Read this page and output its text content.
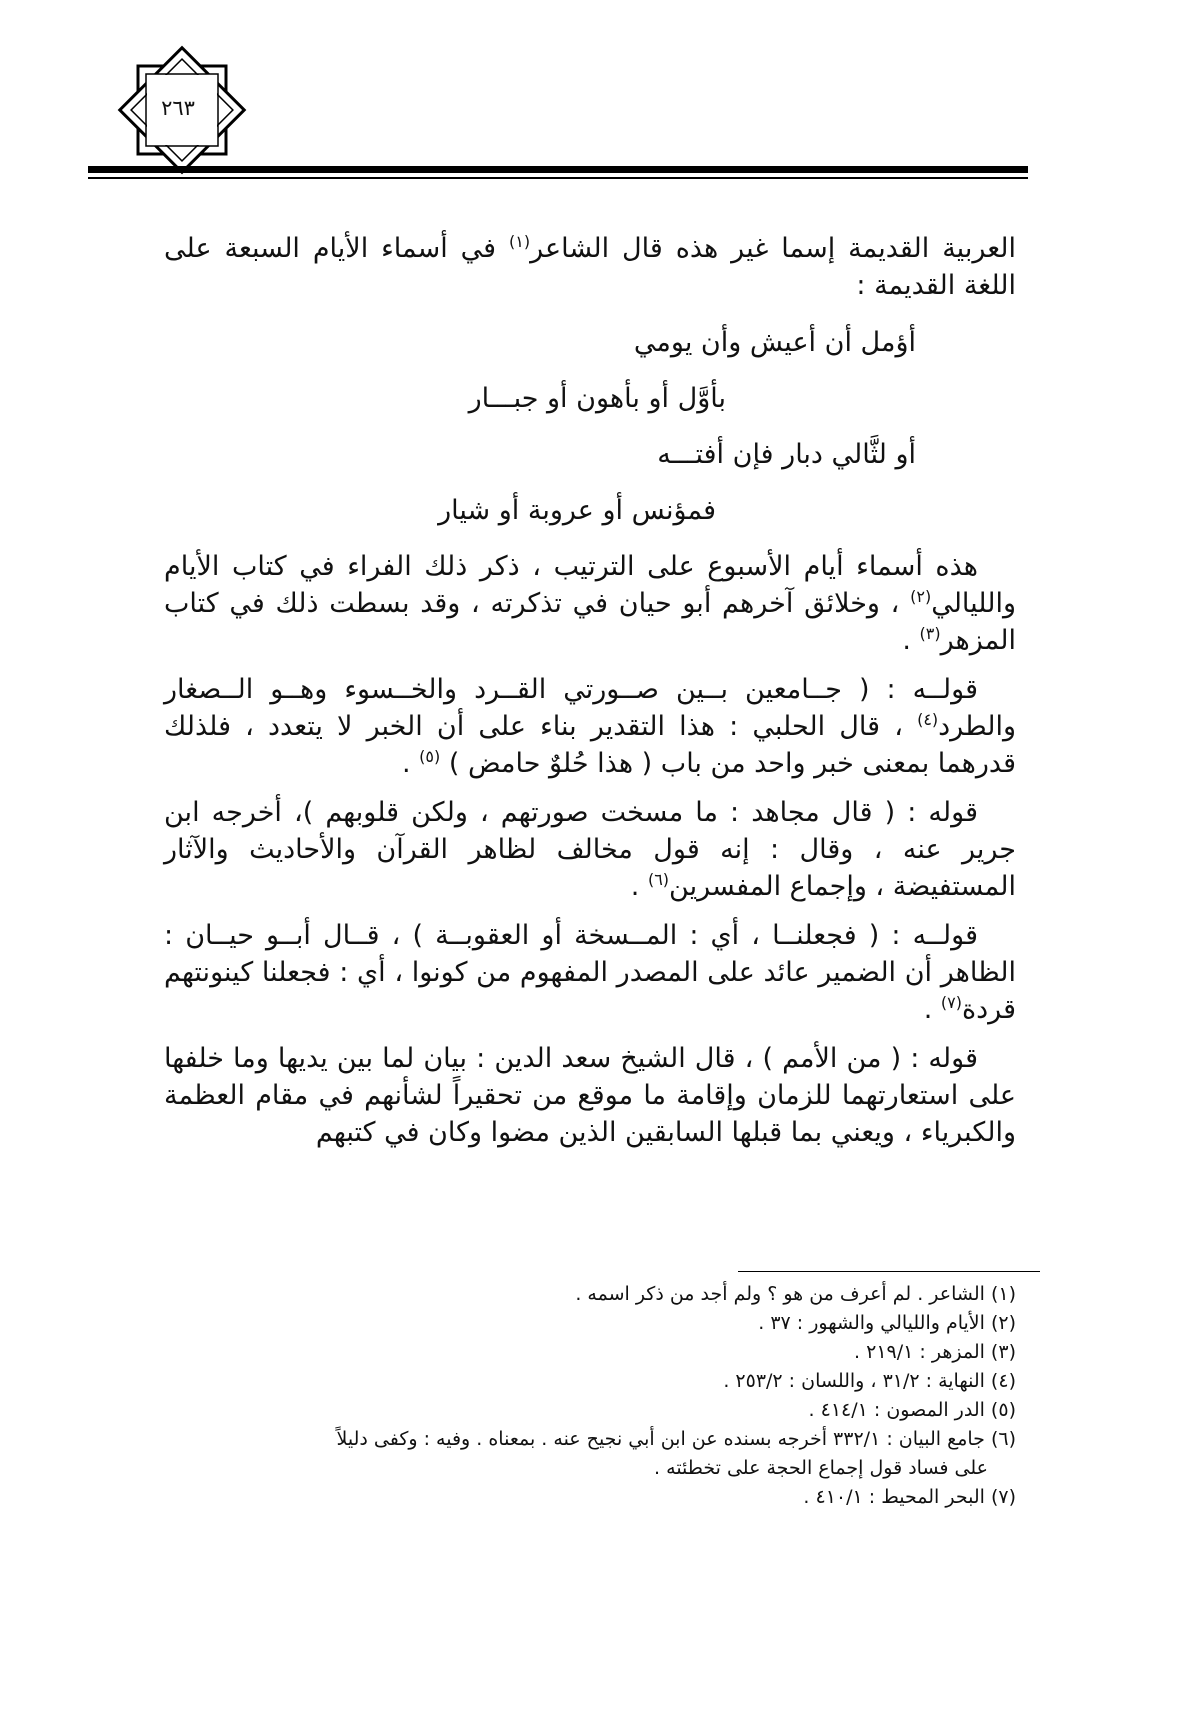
٢٦٣

العربية القديمة إسما غير هذه قال الشاعر$^{(١)}$ في أسماء الأيام السبعة على اللغة القديمة :

أؤمل أن أعيش وأن يومي
بأوَّل أو بأهون أو جبـــار
أو لثَّالي دبار فإن أفتـــه
فمؤنس أو عروبة أو شيار

هذه أسماء أيام الأسبوع على الترتيب ، ذكر ذلك الفراء في كتاب الأيام والليالي$^{(٢)}$ ، وخلائق آخرهم أبو حيان في تذكرته ، وقد بسطت ذلك في كتاب المزهر$^{(٣)}$ .

قولــه : ( جــامعين بــين صــورتي القــرد والخــسوء وهــو الــصغار والطرد$^{(٤)}$ ، قال الحلبي : هذا التقدير بناء على أن الخبر لا يتعدد ، فلذلك قدرهما بمعنى خبر واحد من باب ( هذا حُلوٌ حامض ) $^{(٥)}$ .

قوله : ( قال مجاهد : ما مسخت صورتهم ، ولكن قلوبهم )، أخرجه ابن جرير عنه ، وقال : إنه قول مخالف لظاهر القرآن والأحاديث والآثار المستفيضة ، وإجماع المفسرين$^{(٦)}$ .

قولــه : ( فجعلنــا ، أي : المــسخة أو العقوبــة ) ، قــال أبــو حيــان : الظاهر أن الضمير عائد على المصدر المفهوم من كونوا ، أي : فجعلنا كينونتهم قردة$^{(٧)}$ .

قوله : ( من الأمم ) ، قال الشيخ سعد الدين : بيان لما بين يديها وما خلفها على استعارتهما للزمان وإقامة ما موقع من تحقيراً لشأنهم في مقام العظمة والكبرياء ، ويعني بما قبلها السابقين الذين مضوا وكان في كتبهم

(١) الشاعر . لم أعرف من هو ؟ ولم أجد من ذكر اسمه .
(٢) الأيام والليالي والشهور : ٣٧ .
(٣) المزهر : ٢١٩/١ .
(٤) النهاية : ٣١/٢ ، واللسان : ٢٥٣/٢ .
(٥) الدر المصون : ٤١٤/١ .
(٦) جامع البيان : ٣٣٢/١ أخرجه بسنده عن ابن أبي نجيح عنه . بمعناه . وفيه : وكفى دليلاً
على فساد قول إجماع الحجة على تخطئته .
(٧) البحر المحيط : ٤١٠/١ .
